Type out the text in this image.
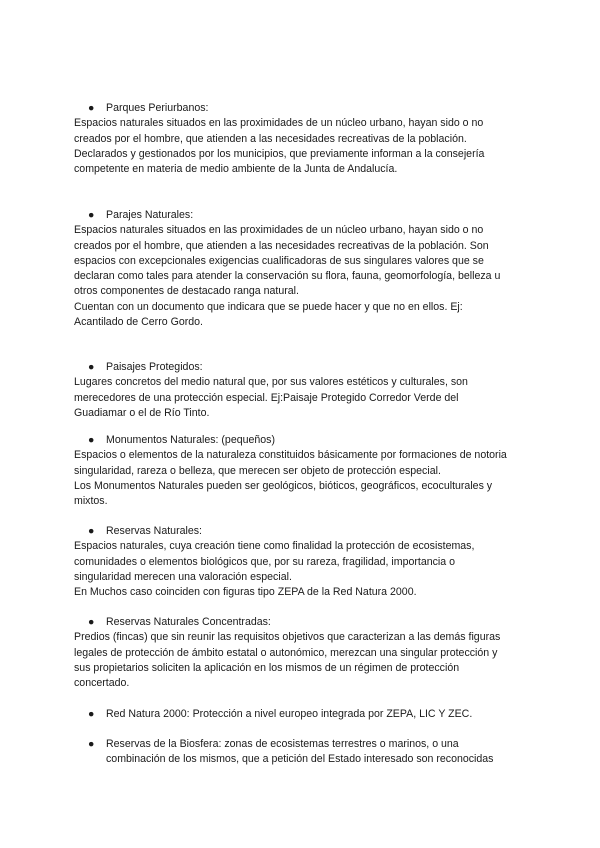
● Parques Periurbanos:

Espacios naturales situados en las proximidades de un núcleo urbano, hayan sido o no

creados por el hombre, que atienden a las necesidades recreativas de la población.

Declarados y gestionados por los municipios, que previamente informan a la consejería

competente en materia de medio ambiente de la Junta de Andalucía.

● Parajes Naturales:

Espacios naturales situados en las proximidades de un núcleo urbano, hayan sido o no

creados por el hombre, que atienden a las necesidades recreativas de la población. Son

espacios con excepcionales exigencias cualificadoras de sus singulares valores que se

declaran como tales para atender la conservación su flora, fauna, geomorfología, belleza u

otros componentes de destacado ranga natural.

Cuentan con un documento que indicara que se puede hacer y que no en ellos. Ej:

Acantilado de Cerro Gordo.

● Paisajes Protegidos:

Lugares concretos del medio natural que, por sus valores estéticos y culturales, son

merecedores de una protección especial. Ej:Paisaje Protegido Corredor Verde del

Guadiamar o el de Río Tinto.

● Monumentos Naturales: (pequeños)

Espacios o elementos de la naturaleza constituidos básicamente por formaciones de notoria

singularidad, rareza o belleza, que merecen ser objeto de protección especial.

Los Monumentos Naturales pueden ser geológicos, bióticos, geográficos, ecoculturales y

mixtos.

● Reservas Naturales:

Espacios naturales, cuya creación tiene como finalidad la protección de ecosistemas,

comunidades o elementos biológicos que, por su rareza, fragilidad, importancia o

singularidad merecen una valoración especial.

En Muchos caso coinciden con figuras tipo ZEPA de la Red Natura 2000.

● Reservas Naturales Concentradas:

Predios (fincas) que sin reunir las requisitos objetivos que caracterizan a las demás figuras

legales de protección de ámbito estatal o autonómico, merezcan una singular protección y

sus propietarios soliciten la aplicación en los mismos de un régimen de protección

concertado.

● Red Natura 2000: Protección a nivel europeo integrada por ZEPA, LIC Y ZEC.
● Reservas de la Biosfera: zonas de ecosistemas terrestres o marinos, o una

combinación de los mismos, que a petición del Estado interesado son reconocidas
